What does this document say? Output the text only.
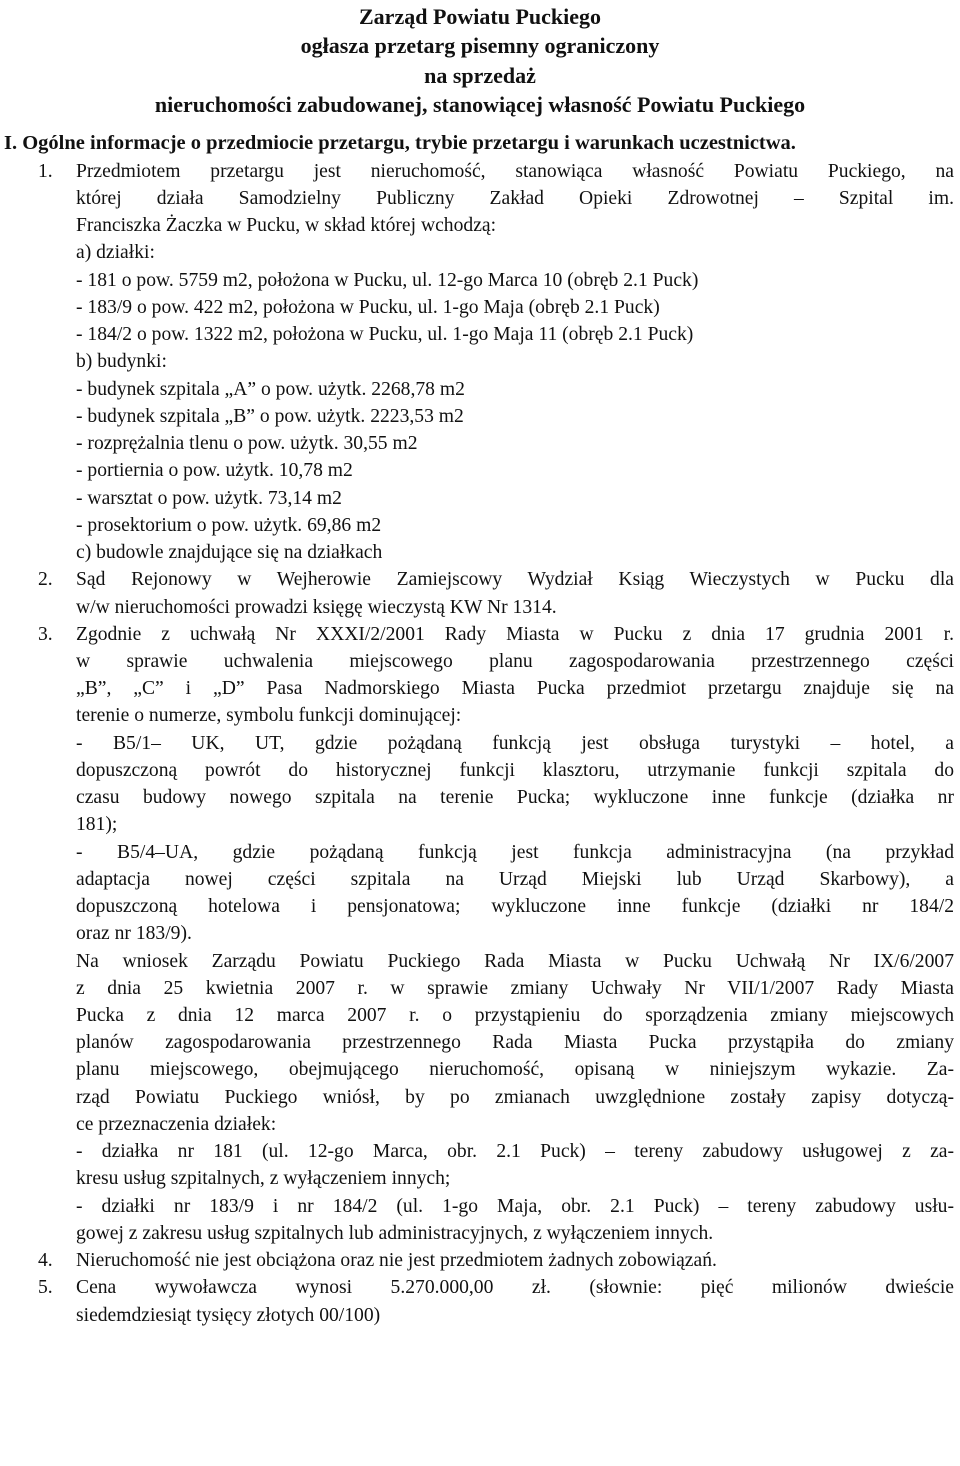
Zarząd Powiatu Puckiego
ogłasza przetarg pisemny ograniczony
na sprzedaż
nieruchomości zabudowanej, stanowiącej własność Powiatu Puckiego
I. Ogólne informacje o przedmiocie przetargu, trybie przetargu i warunkach uczestnictwa.
1. Przedmiotem przetargu jest nieruchomość, stanowiąca własność Powiatu Puckiego, na
której działa Samodzielny Publiczny Zakład Opieki Zdrowotnej – Szpital im.
Franciszka Żaczka w Pucku, w skład której wchodzą:
a) działki:
- 181 o pow. 5759 m2, położona w Pucku, ul. 12-go Marca 10 (obręb 2.1 Puck)
- 183/9 o pow. 422 m2, położona w Pucku, ul. 1-go Maja (obręb 2.1 Puck)
- 184/2 o pow. 1322 m2, położona w Pucku, ul. 1-go Maja 11 (obręb 2.1 Puck)
b) budynki:
- budynek szpitala „A” o pow. użytk. 2268,78 m2
- budynek szpitala „B” o pow. użytk. 2223,53 m2
- rozprężalnia tlenu o pow. użytk. 30,55 m2
- portiernia o pow. użytk. 10,78 m2
- warsztat o pow. użytk. 73,14 m2
- prosektorium o pow. użytk. 69,86 m2
c) budowle znajdujące się na działkach
2. Sąd Rejonowy w Wejherowie Zamiejscowy Wydział Ksiąg Wieczystych w Pucku dla
w/w nieruchomości prowadzi księgę wieczystą KW Nr 1314.
3. Zgodnie z uchwałą Nr XXXI/2/2001 Rady Miasta w Pucku z dnia 17 grudnia 2001 r.
w sprawie uchwalenia miejscowego planu zagospodarowania przestrzennego części
„B”, „C” i „D” Pasa Nadmorskiego Miasta Pucka przedmiot przetargu znajduje się na
terenie o numerze, symbolu funkcji dominującej:
- B5/1– UK, UT, gdzie pożądaną funkcją jest obsługa turystyki – hotel, a
dopuszczoną powrót do historycznej funkcji klasztoru, utrzymanie funkcji szpitala do
czasu budowy nowego szpitala na terenie Pucka; wykluczone inne funkcje (działka nr
181);
- B5/4–UA, gdzie pożądaną funkcją jest funkcja administracyjna (na przykład
adaptacja nowej części szpitala na Urząd Miejski lub Urząd Skarbowy), a
dopuszczoną hotelowa i pensjonatowa; wykluczone inne funkcje (działki nr 184/2
oraz nr 183/9).
Na wniosek Zarządu Powiatu Puckiego Rada Miasta w Pucku Uchwałą Nr IX/6/2007
z dnia 25 kwietnia 2007 r. w sprawie zmiany Uchwały Nr VII/1/2007 Rady Miasta
Pucka z dnia 12 marca 2007 r. o przystąpieniu do sporządzenia zmiany miejscowych
planów zagospodarowania przestrzennego Rada Miasta Pucka przystąpiła do zmiany
planu miejscowego, obejmującego nieruchomość, opisaną w niniejszym wykazie. Za-
rząd Powiatu Puckiego wniósł, by po zmianach uwzględnione zostały zapisy dotyczą-
ce przeznaczenia działek:
- działka nr 181 (ul. 12-go Marca, obr. 2.1 Puck) – tereny zabudowy usługowej z za-
kresu usług szpitalnych, z wyłączeniem innych;
- działki nr 183/9 i nr 184/2 (ul. 1-go Maja, obr. 2.1 Puck) – tereny zabudowy usłu-
gowej z zakresu usług szpitalnych lub administracyjnych, z wyłączeniem innych.
4. Nieruchomość nie jest obciążona oraz nie jest przedmiotem żadnych zobowiązań.
5. Cena wywoławcza wynosi 5.270.000,00 zł. (słownie: pięć milionów dwieście
siedemdziesiąt tysięcy złotych 00/100)
